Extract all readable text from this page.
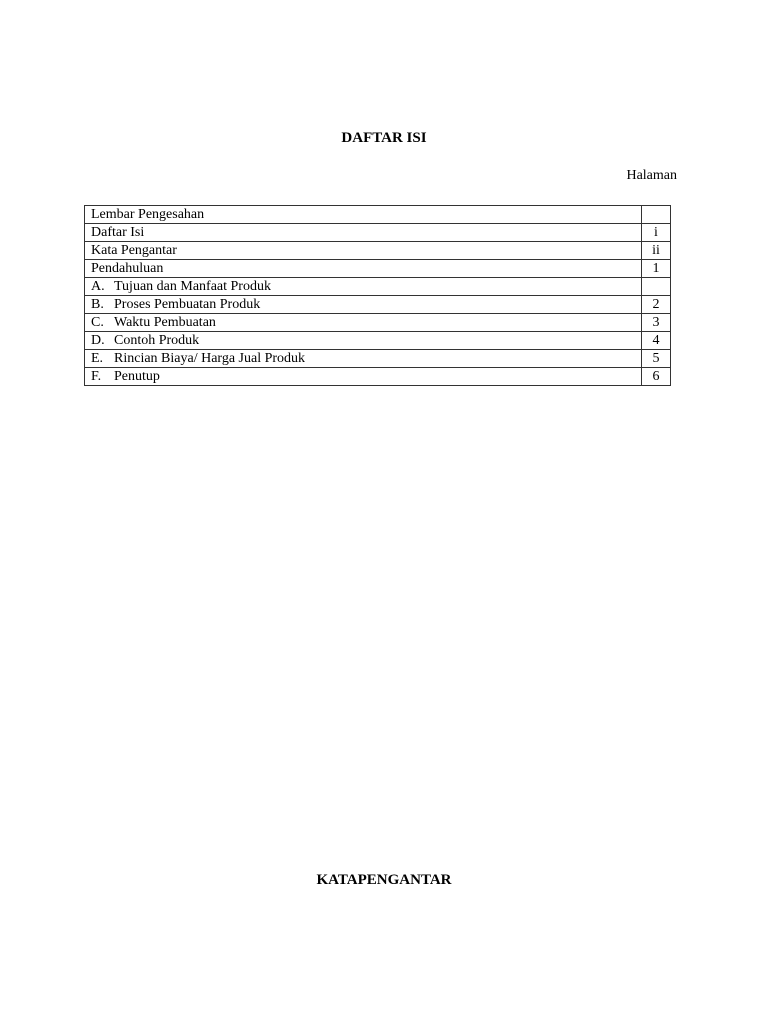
DAFTAR ISI
Halaman
Lembar Pengesahan	
Daftar Isi	i
Kata Pengantar	ii
Pendahuluan	1
A. Tujuan dan Manfaat Produk	
B. Proses Pembuatan Produk	2
C. Waktu Pembuatan	3
D. Contoh Produk	4
E. Rincian Biaya/ Harga Jual Produk	5
F. Penutup	6
KATAPENGANTAR
